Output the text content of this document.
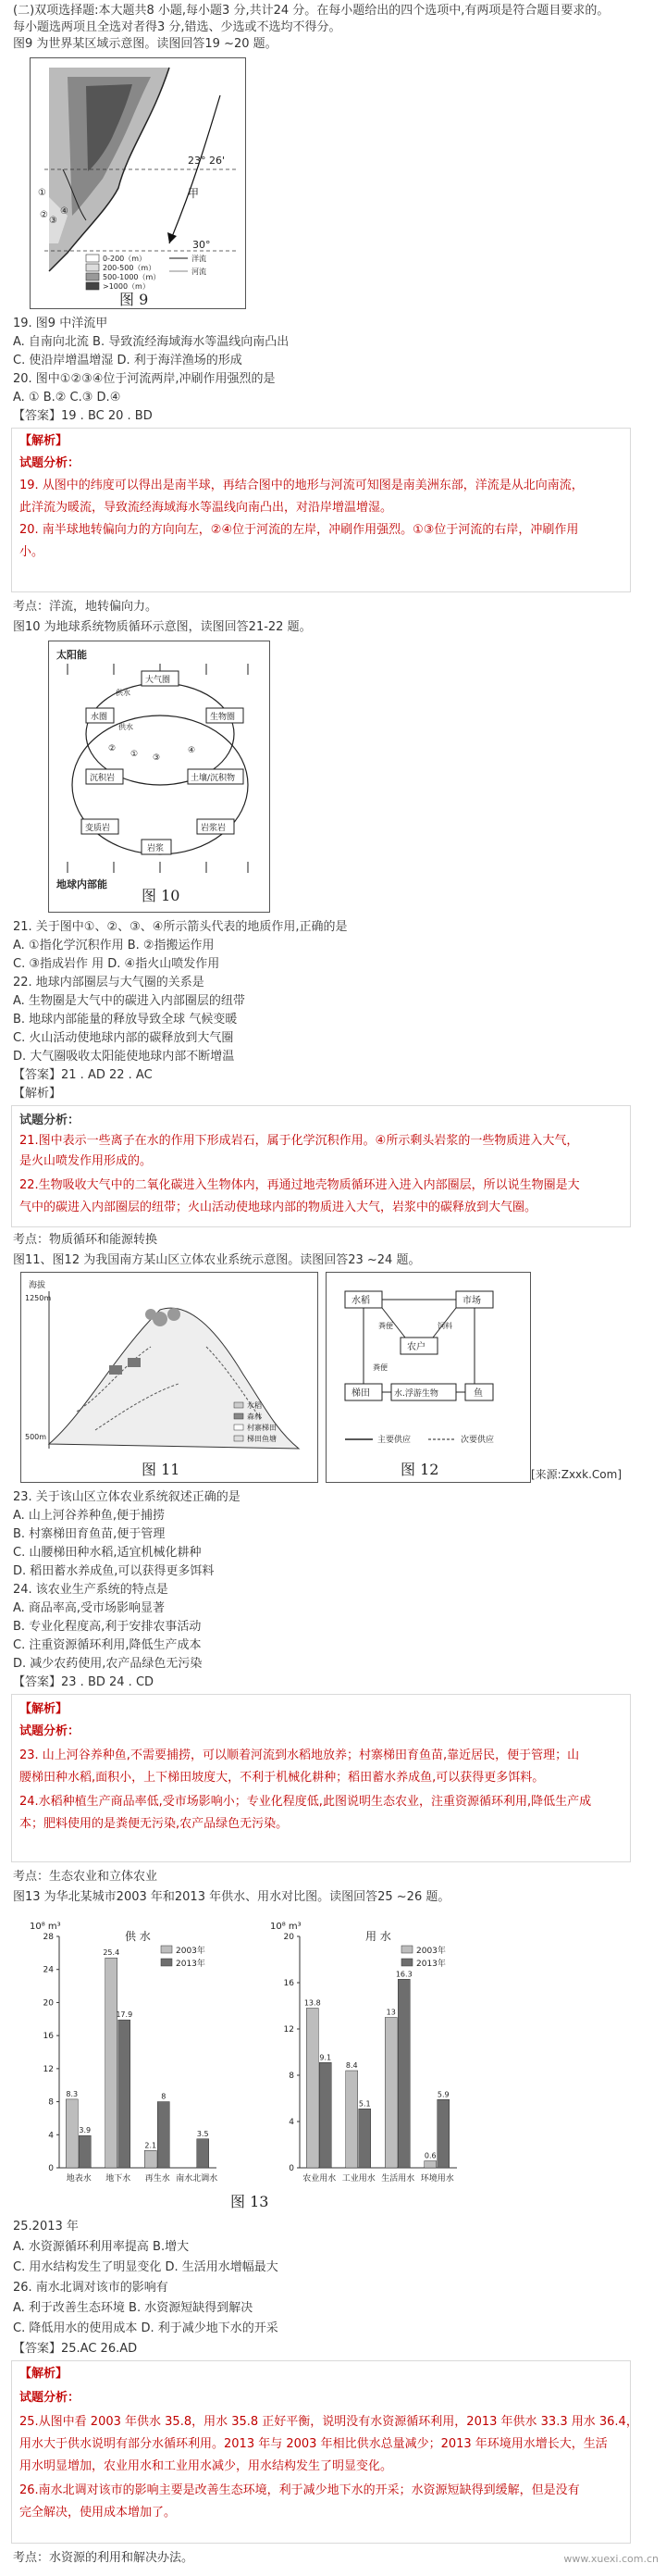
(二)双项选择题:本大题共8 小题,每小题3 分,共计24 分。在每小题给出的四个选项中,有两项是符合题目要求的。
每小题选两项且全选对者得3 分,错选、少选或不选均不得分。
图9 为世界某区域示意图。读图回答19 ~20 题。
23° 26'
30°
甲
①
②
③
④
0-200（m）
200-500（m）
500-1000（m）
>1000（m）
洋流
河流
图 9
19. 图9 中洋流甲
A. 自南向北流 B. 导致流经海域海水等温线向南凸出
C. 使沿岸增温增湿 D. 利于海洋渔场的形成
20. 图中①②③④位于河流两岸,冲刷作用强烈的是
A. ① B.② C.③ D.④
【答案】19 . BC 20 . BD
【解析】
试题分析：
19. 从图中的纬度可以得出是南半球，再结合图中的地形与河流可知图是南美洲东部，洋流是从北向南流，
此洋流为暖流，导致流经海域海水等温线向南凸出，对沿岸增温增湿。
20. 南半球地转偏向力的方向向左，②④位于河流的左岸，冲刷作用强烈。①③位于河流的右岸，冲刷作用
小。
考点：洋流，地转偏向力。
图10 为地球系统物质循环示意图，读图回答21-22 题。
太阳能
大气圈
水圈	生物圈
沉积岩	土壤/沉积物
变质岩
岩浆
岩浆岩
供水
供水
①
②
③
④
地球内部能
图 10
21. 关于图中①、②、③、④所示箭头代表的地质作用,正确的是
A. ①指化学沉积作用 B. ②指搬运作用
C. ③指成岩作 用 D. ④指火山喷发作用
22. 地球内部圈层与大气圈的关系是
A. 生物圈是大气中的碳进入内部圈层的纽带
B. 地球内部能量的释放导致全球 气候变暖
C. 火山活动使地球内部的碳释放到大气圈
D. 大气圈吸收太阳能使地球内部不断增温
【答案】21 . AD 22 . AC
【解析】
试题分析：
21.图中表示一些离子在水的作用下形成岩石，属于化学沉积作用。④所示剩头岩浆的一些物质进入大气，
是火山喷发作用形成的。
22.生物吸收大气中的二氧化碳进入生物体内，再通过地壳物质循环进入进入内部圈层，所以说生物圈是大
气中的碳进入内部圈层的纽带；火山活动使地球内部的物质进入大气，岩浆中的碳释放到大气圈。
考点：物质循环和能源转换
图11、图12 为我国南方某山区立体农业系统示意图。读图回答23 ~24 题。
海拔
1250m
500m
水稻
森林
村寨梯田
梯田鱼塘
图 11
水稻	市场
农户
梯田	鱼
水.浮游生物
粪便	饲料
粪便
主要供应	次要供应
图 12	[来源:Zxxk.Com]
23. 关于该山区立体农业系统叙述正确的是
A. 山上河谷养种鱼,便于捕捞
B. 村寨梯田育鱼苗,便于管理
C. 山腰梯田种水稻,适宜机械化耕种
D. 稻田蓄水养成鱼,可以获得更多饵料
24. 该农业生产系统的特点是
A. 商品率高,受市场影响显著
B. 专业化程度高,利于安排农事活动
C. 注重资源循环利用,降低生产成本
D. 减少农药使用,农产品绿色无污染
【答案】23 . BD 24 . CD
【解析】
试题分析：
23. 山上河谷养种鱼,不需要捕捞，可以顺着河流到水稻地放养；村寨梯田育鱼苗,靠近居民，便于管理；山
腰梯田种水稻,面积小，上下梯田坡度大，不利于机械化耕种；稻田蓄水养成鱼,可以获得更多饵料。
24.水稻种植生产商品率低,受市场影响小；专业化程度低,此图说明生态农业，注重资源循环利用,降低生产成
本；肥料使用的是粪便无污染,农产品绿色无污染。
考点：生态农业和立体农业
图13 为华北某城市2003 年和2013 年供水、用水对比图。读图回答25 ~26 题。
10⁸ m³
供 水
0
4
8
12
16
20
24
28
8.3
3.9
地表水
25.4
17.9
地下水
2.1
8
再生水
3.5
南水北调水
2003年
2013年
10⁸ m³
用 水
0
4
8
12
16
20
13.8
9.1
农业用水
8.4
5.1
工业用水
13
16.3
生活用水
0.6
5.9
环境用水
2003年
2013年
图 13
25.2013 年
A. 水资源循环利用率提高 B.增大
C. 用水结构发生了明显变化 D. 生活用水增幅最大
26. 南水北调对该市的影响有
A. 利于改善生态环境 B. 水资源短缺得到解决
C. 降低用水的使用成本 D. 利于减少地下水的开采
【答案】25.AC 26.AD
【解析】
试题分析：
25.从图中看 2003 年供水 35.8，用水 35.8 正好平衡，说明没有水资源循环利用，2013 年供水 33.3 用水 36.4，
用水大于供水说明有部分水循环利用。2013 年与 2003 年相比供水总量减少；2013 年环境用水增长大，生活
用水明显增加，农业用水和工业用水减少，用水结构发生了明显变化。
26.南水北调对该市的影响主要是改善生态环境，利于减少地下水的开采；水资源短缺得到缓解，但是没有
完全解决，使用成本增加了。
考点：水资源的利用和解决办法。	www.xuexi.com.cn
